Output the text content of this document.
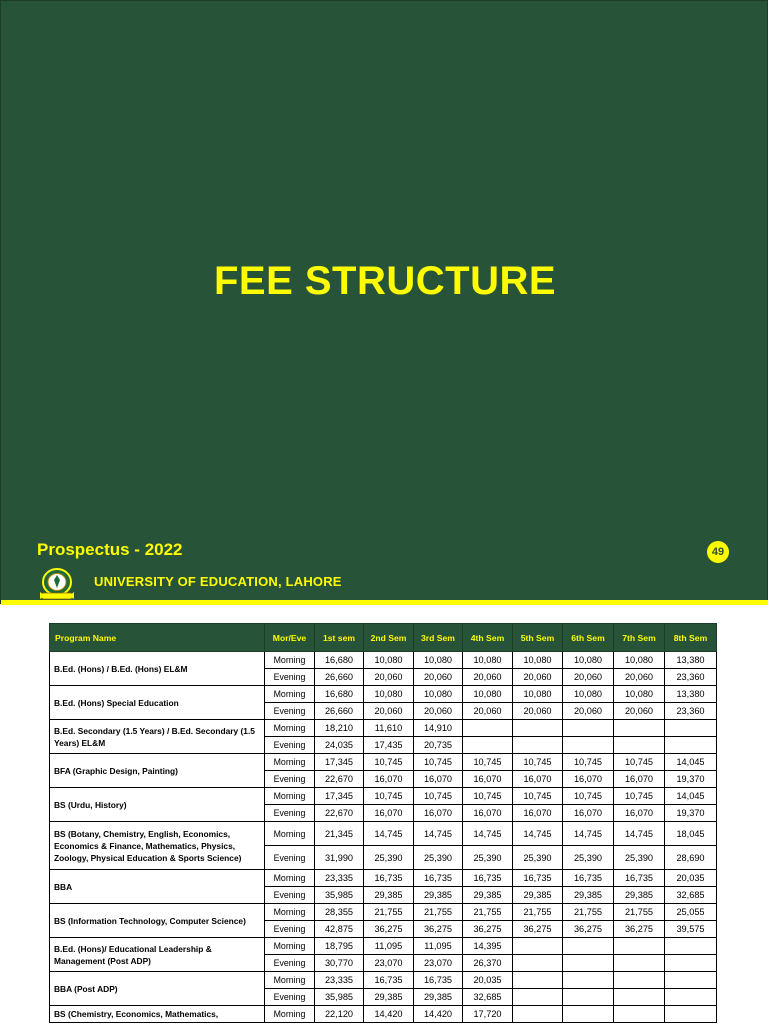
FEE STRUCTURE
Prospectus - 2022	49
UNIVERSITY OF EDUCATION, LAHORE
Program Name	Mor/Eve	1st sem	2nd Sem	3rd Sem	4th Sem	5th Sem	6th Sem	7th Sem	8th Sem
B.Ed. (Hons) / B.Ed. (Hons) EL&M	Morning	16,680	10,080	10,080	10,080	10,080	10,080	10,080	13,380
	Evening	26,660	20,060	20,060	20,060	20,060	20,060	20,060	23,360
B.Ed. (Hons) Special Education	Morning	16,680	10,080	10,080	10,080	10,080	10,080	10,080	13,380
	Evening	26,660	20,060	20,060	20,060	20,060	20,060	20,060	23,360
B.Ed. Secondary (1.5 Years) / B.Ed. Secondary (1.5 Years) EL&M	Morning	18,210	11,610	14,910					
	Evening	24,035	17,435	20,735					
BFA (Graphic Design, Painting)	Morning	17,345	10,745	10,745	10,745	10,745	10,745	10,745	14,045
	Evening	22,670	16,070	16,070	16,070	16,070	16,070	16,070	19,370
BS (Urdu, History)	Morning	17,345	10,745	10,745	10,745	10,745	10,745	10,745	14,045
	Evening	22,670	16,070	16,070	16,070	16,070	16,070	16,070	19,370
BS (Botany, Chemistry, English, Economics, Economics & Finance, Mathematics, Physics, Zoology, Physical Education & Sports Science)	Morning	21,345	14,745	14,745	14,745	14,745	14,745	14,745	18,045
	Evening	31,990	25,390	25,390	25,390	25,390	25,390	25,390	28,690
BBA	Morning	23,335	16,735	16,735	16,735	16,735	16,735	16,735	20,035
	Evening	35,985	29,385	29,385	29,385	29,385	29,385	29,385	32,685
BS (Information Technology, Computer Science)	Morning	28,355	21,755	21,755	21,755	21,755	21,755	21,755	25,055
	Evening	42,875	36,275	36,275	36,275	36,275	36,275	36,275	39,575
B.Ed. (Hons)/ Educational Leadership & Management (Post ADP)	Morning	18,795	11,095	11,095	14,395				
	Evening	30,770	23,070	23,070	26,370				
BBA (Post ADP)	Morning	23,335	16,735	16,735	20,035				
	Evening	35,985	29,385	29,385	32,685				
BS (Chemistry, Economics, Mathematics,	Morning	22,120	14,420	14,420	17,720				
